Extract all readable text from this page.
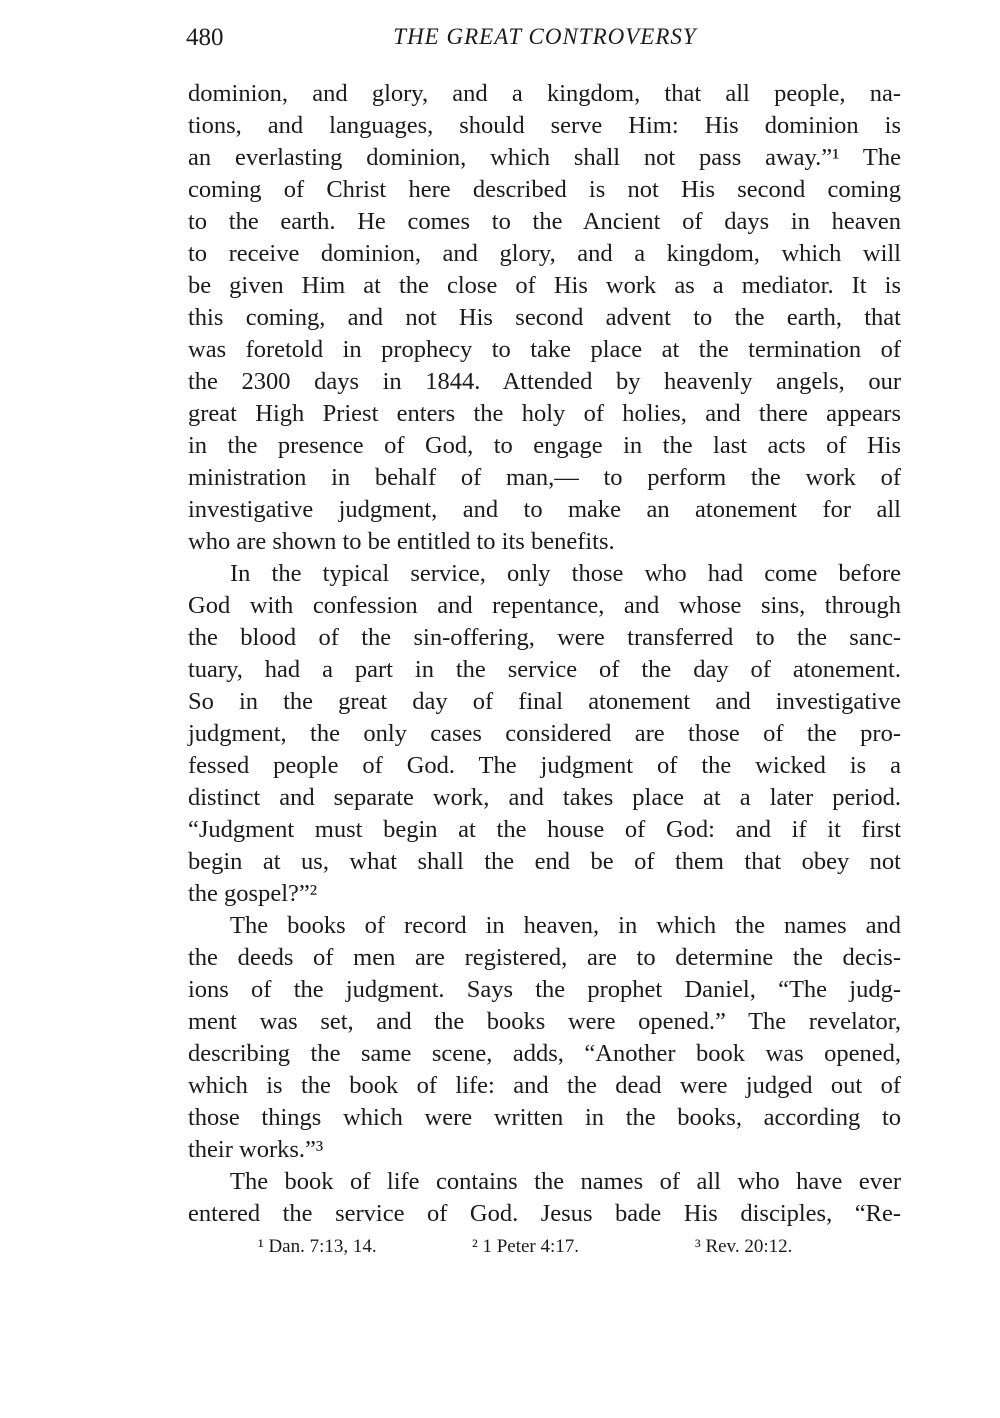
480	THE GREAT CONTROVERSY
dominion, and glory, and a kingdom, that all people, na-
tions, and languages, should serve Him: His dominion is
an everlasting dominion, which shall not pass away.”¹ The
coming of Christ here described is not His second coming
to the earth. He comes to the Ancient of days in heaven
to receive dominion, and glory, and a kingdom, which will
be given Him at the close of His work as a mediator. It is
this coming, and not His second advent to the earth, that
was foretold in prophecy to take place at the termination of
the 2300 days in 1844. Attended by heavenly angels, our
great High Priest enters the holy of holies, and there appears
in the presence of God, to engage in the last acts of His
ministration in behalf of man,— to perform the work of
investigative judgment, and to make an atonement for all
who are shown to be entitled to its benefits.
In the typical service, only those who had come before
God with confession and repentance, and whose sins, through
the blood of the sin-offering, were transferred to the sanc-
tuary, had a part in the service of the day of atonement.
So in the great day of final atonement and investigative
judgment, the only cases considered are those of the pro-
fessed people of God. The judgment of the wicked is a
distinct and separate work, and takes place at a later period.
“Judgment must begin at the house of God: and if it first
begin at us, what shall the end be of them that obey not
the gospel?”²
The books of record in heaven, in which the names and
the deeds of men are registered, are to determine the decis-
ions of the judgment. Says the prophet Daniel, “The judg-
ment was set, and the books were opened.” The revelator,
describing the same scene, adds, “Another book was opened,
which is the book of life: and the dead were judged out of
those things which were written in the books, according to
their works.”³
The book of life contains the names of all who have ever
entered the service of God. Jesus bade His disciples, “Re-
¹ Dan. 7:13, 14.	² 1 Peter 4:17.	³ Rev. 20:12.
